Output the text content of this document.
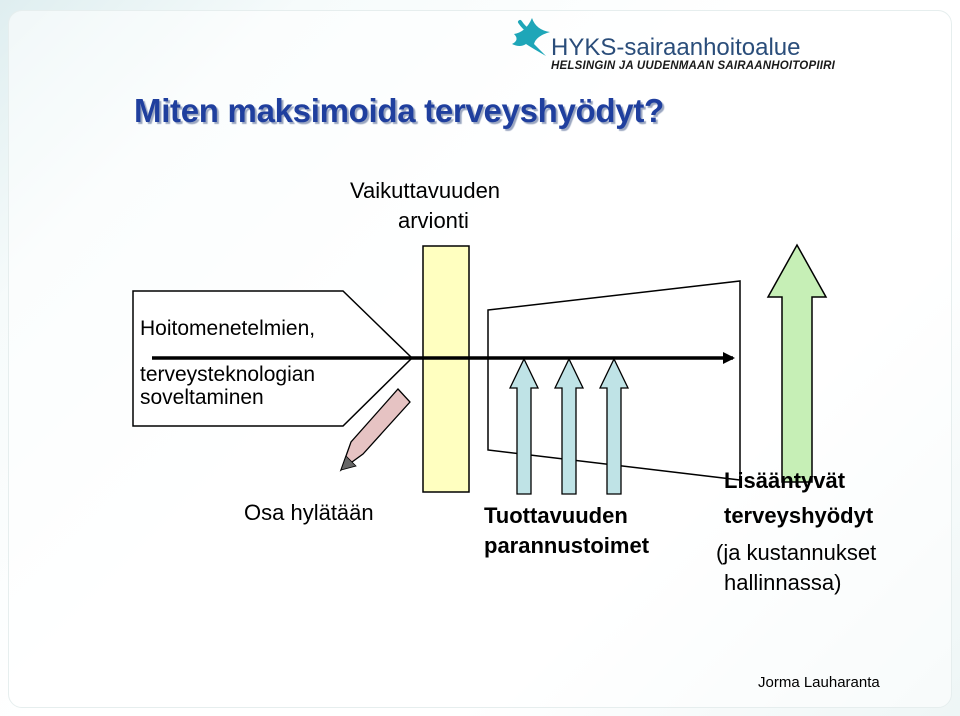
HYKS-sairaanhoitoalue
HELSINGIN JA UUDENMAAN SAIRAANHOITOPIIRI
Miten maksimoida terveyshyödyt?
Vaikuttavuuden
arvionti
Hoitomenetelmien,
terveysteknologian
soveltaminen
Osa hylätään	Tuottavuuden
parannustoimet
Lisääntyvät
terveyshyödyt
(ja kustannukset
hallinnassa)
Jorma Lauharanta
